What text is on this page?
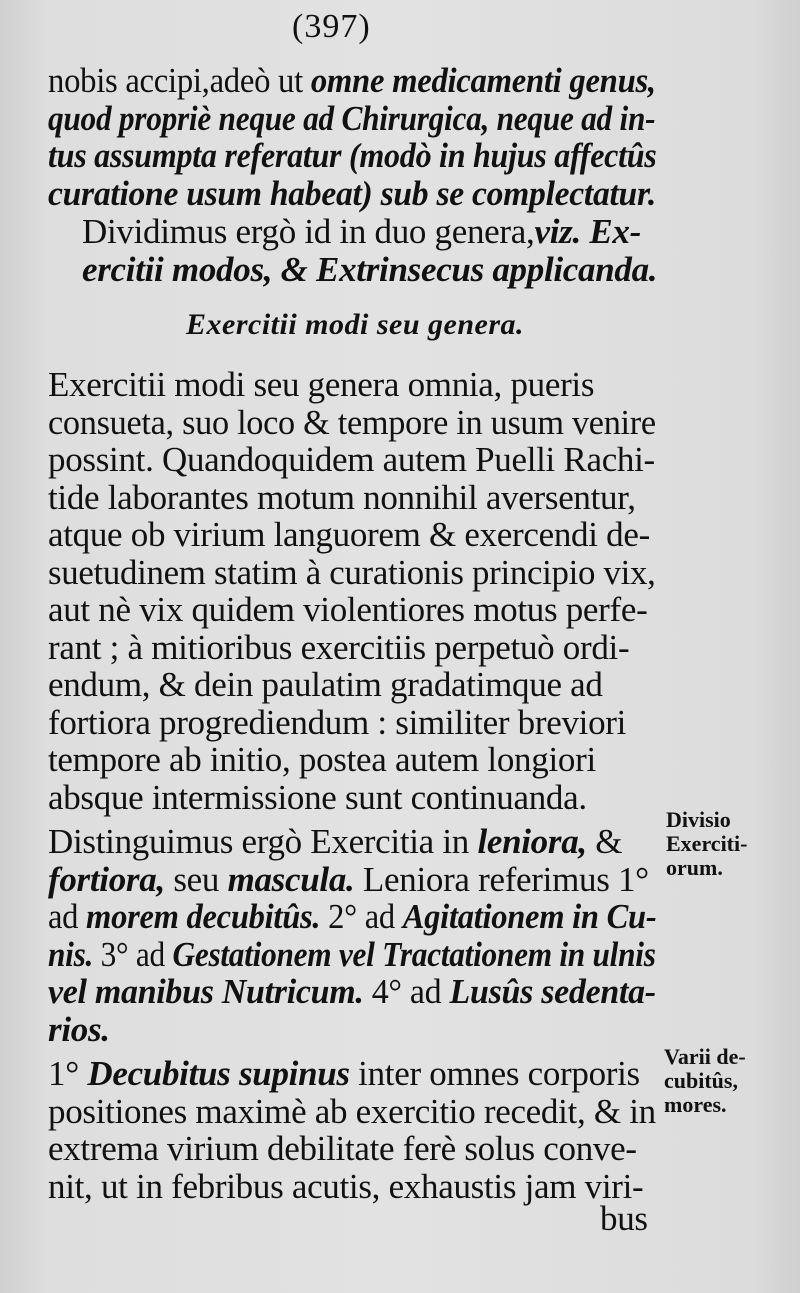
(397)
nobis accipi,adeò ut omne medicamenti genus,
quod propriè neque ad Chirurgica, neque ad in-
tus assumpta referatur (modò in hujus affectûs
curatione usum habeat) sub se complectatur.
Dividimus ergò id in duo genera,viz. Ex-
ercitii modos, & Extrinsecus applicanda.
Exercitii modi seu genera.
Exercitii modi seu genera omnia, pueris
consueta, suo loco & tempore in usum venire
possint. Quandoquidem autem Puelli Rachi-
tide laborantes motum nonnihil aversentur,
atque ob virium languorem & exercendi de-
suetudinem statim à curationis principio vix,
aut nè vix quidem violentiores motus perfe-
rant ; à mitioribus exercitiis perpetuò ordi-
endum, & dein paulatim gradatimque ad
fortiora progrediendum : similiter breviori
tempore ab initio, postea autem longiori
absque intermissione sunt continuanda.
Distinguimus ergò Exercitia in leniora, &
fortiora, seu mascula. Leniora referimus 1°
ad morem decubitûs. 2° ad Agitationem in Cu-
nis. 3° ad Gestationem vel Tractationem in ulnis
vel manibus Nutricum. 4° ad Lusûs sedenta-
rios.
1° Decubitus supinus inter omnes corporis
positiones maximè ab exercitio recedit, & in
extrema virium debilitate ferè solus conve-
nit, ut in febribus acutis, exhaustis jam viri-
Divisio
Exerciti-
orum.
Varii de-
cubitûs,
mores.
bus
